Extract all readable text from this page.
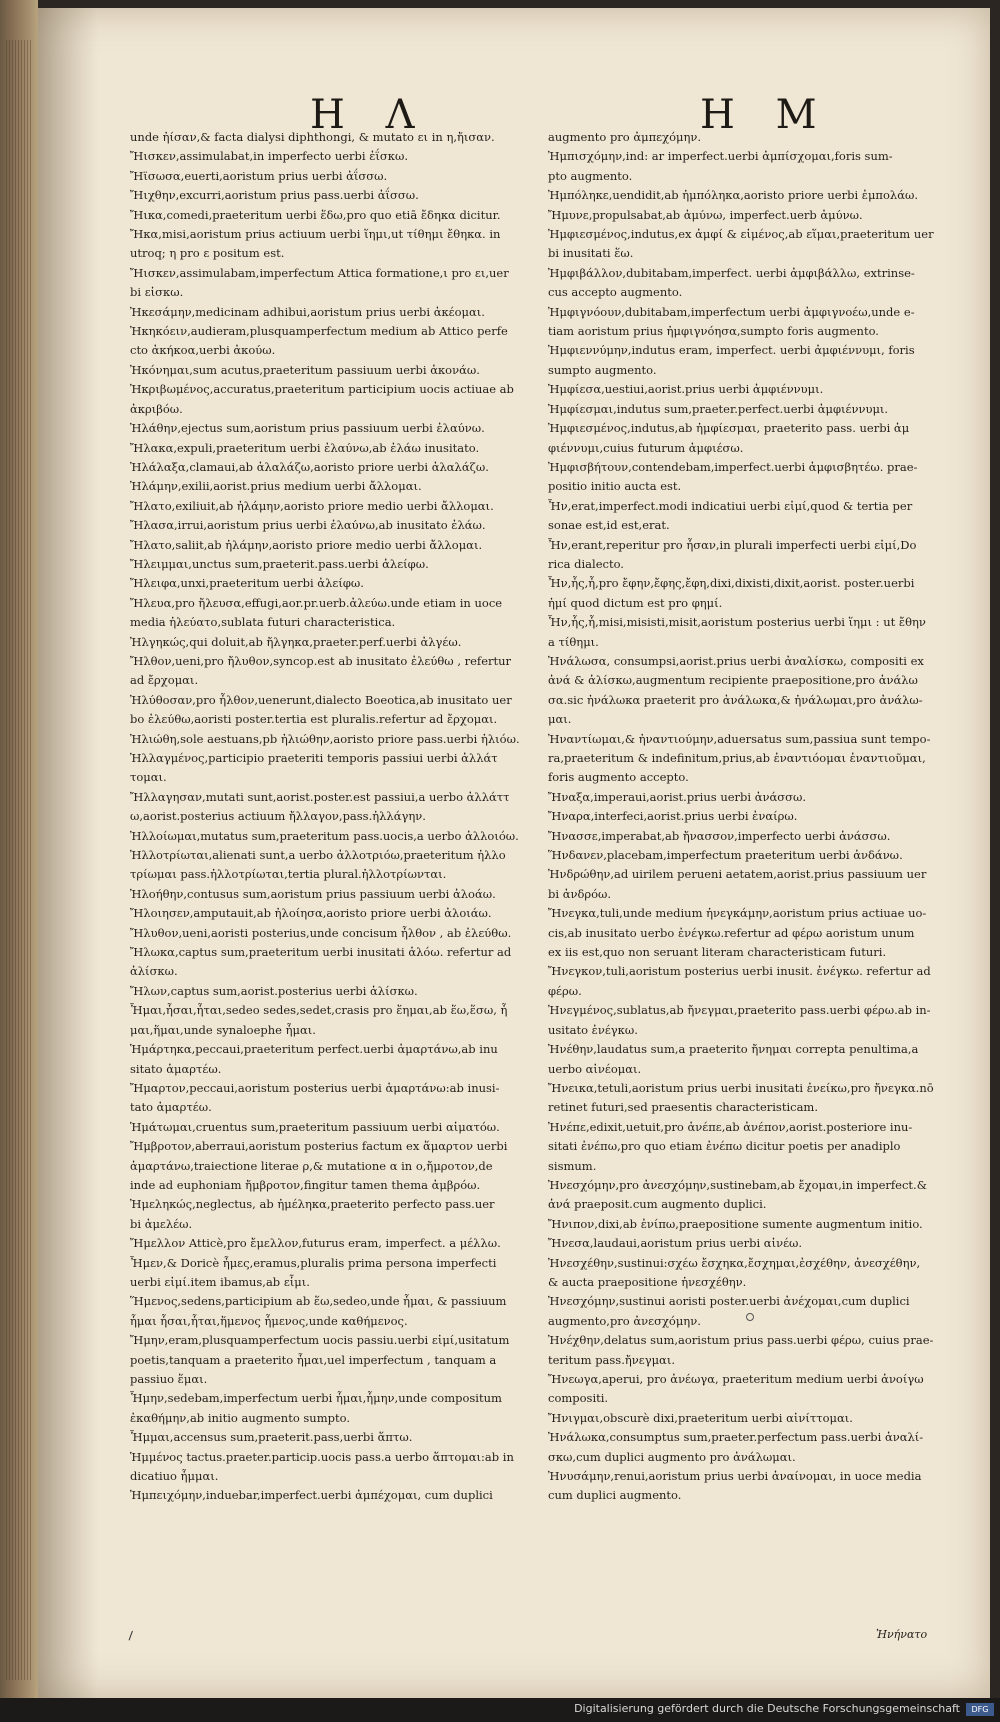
Η Λ	Η Μ
unde ἠίσαν,& facta dialysi diphthongi, & mutato ει in η,ἤισαν.
Ἤισκεν,assimulabat,in imperfecto uerbi ἐΐσκω.
Ἤϊσωσα,euerti,aoristum prius uerbi ἀΐσσω.
Ἤιχθην,excurri,aoristum prius pass.uerbi ἀΐσσω.
Ἤικα,comedi,praeteritum uerbi ἕδω,pro quo etiā ἔδηκα dicitur.
Ἤκα,misi,aoristum prius actiuum uerbi ἵημι,ut τίθημι ἔθηκα. in
utroq; η pro ε positum est.
Ἤισκεν,assimulabam,imperfectum Attica formatione,ι pro ει,uer
bi εἰσκω.
Ἠκεσάμην,medicinam adhibui,aoristum prius uerbi ἀκέομαι.
Ἠκηκόειν,audieram,plusquamperfectum medium ab Attico perfe
cto ἀκήκοα,uerbi ἀκούω.
Ἠκόνημαι,sum acutus,praeteritum passiuum uerbi ἀκονάω.
Ἠκριβωμένος,accuratus,praeteritum participium uocis actiuae ab
ἀκριβόω.
Ἠλάθην,ejectus sum,aoristum prius passiuum uerbi ἐλαύνω.
Ἤλακα,expuli,praeteritum uerbi ἐλαύνω,ab ἐλάω inusitato.
Ἠλάλαξα,clamaui,ab ἀλαλάζω,aoristo priore uerbi ἀλαλάζω.
Ἠλάμην,exilii,aorist.prius medium uerbi ἄλλομαι.
Ἤλατο,exiliuit,ab ἠλάμην,aoristo priore medio uerbi ἄλλομαι.
Ἤλασα,irrui,aoristum prius uerbi ἐλαύνω,ab inusitato ἐλάω.
Ἤλατο,saliit,ab ἠλάμην,aoristo priore medio uerbi ἄλλομαι.
Ἤλειμμαι,unctus sum,praeterit.pass.uerbi ἀλείφω.
Ἤλειφα,unxi,praeteritum uerbi ἀλείφω.
Ἤλευα,pro ἤλευσα,effugi,aor.pr.uerb.ἀλεύω.unde etiam in uoce
media ἠλεύατο,sublata futuri characteristica.
Ἠλγηκώς,qui doluit,ab ἤλγηκα,praeter.perf.uerbi ἀλγέω.
Ἤλθον,ueni,pro ἤλυθον,syncop.est ab inusitato ἐλεύθω , refertur
ad ἔρχομαι.
Ἠλύθοσαν,pro ἦλθον,uenerunt,dialecto Boeotica,ab inusitato uer
bo ἐλεύθω,aoristi poster.tertia est pluralis.refertur ad ἔρχομαι.
Ἠλιώθη,sole aestuans,pb ἠλιώθην,aoristo priore pass.uerbi ἡλιόω.
Ἠλλαγμένος,participio praeteriti temporis passiui uerbi ἀλλάτ
τομαι.
Ἤλλαγησαν,mutati sunt,aorist.poster.est passiui,a uerbo ἀλλάττ
ω,aorist.posterius actiuum ἤλλαγον,pass.ἠλλάγην.
Ἠλλοίωμαι,mutatus sum,praeteritum pass.uocis,a uerbo ἀλλοιόω.
Ἠλλοτρίωται,alienati sunt,a uerbo ἀλλοτριόω,praeteritum ἠλλο
τρίωμαι pass.ἠλλοτρίωται,tertia plural.ἠλλοτρίωνται.
Ἠλοήθην,contusus sum,aoristum prius passiuum uerbi ἀλοάω.
Ἤλοιησεν,amputauit,ab ἠλοίησα,aoristo priore uerbi ἀλοιάω.
Ἤλυθον,ueni,aoristi posterius,unde concisum ἦλθον , ab ἐλεύθω.
Ἤλωκα,captus sum,praeteritum uerbi inusitati ἁλόω. refertur ad
ἁλίσκω.
Ἤλων,captus sum,aorist.posterius uerbi ἁλίσκω.
Ἧμαι,ἧσαι,ἧται,sedeo sedes,sedet,crasis pro ἕημαι,ab ἕω,ἕσω, ἧ
μαι,ἥμαι,unde synaloephe ἧμαι.
Ἡμάρτηκα,peccaui,praeteritum perfect.uerbi ἁμαρτάνω,ab inu
sitato ἁμαρτέω.
Ἤμαρτον,peccaui,aoristum posterius uerbi ἁμαρτάνω:ab inusi-
tato ἁμαρτέω.
Ἡμάτωμαι,cruentus sum,praeteritum passiuum uerbi αἱματόω.
Ἤμβροτον,aberraui,aoristum posterius factum ex ἅμαρτον uerbi
ἁμαρτάνω,traiectione literae ρ,& mutatione α in ο,ἤμροτον,de
inde ad euphoniam ἤμβροτον,fingitur tamen thema ἀμβρόω.
Ἠμεληκώς,neglectus, ab ἠμέληκα,praeterito perfecto pass.uer
bi ἀμελέω.
Ἤμελλον Atticè,pro ἔμελλον,futurus eram, imperfect. a μέλλω.
Ἦμεν,& Doricè ἦμες,eramus,pluralis prima persona imperfecti
uerbi εἰμί.item ibamus,ab εἶμι.
Ἥμενος,sedens,participium ab ἕω,sedeo,unde ἧμαι, & passiuum
ἧμαι ἧσαι,ἧται,ἥμενος ἧμενος,unde καθήμενος.
Ἤμην,eram,plusquamperfectum uocis passiu.uerbi εἰμί,usitatum
poetis,tanquam a praeterito ἧμαι,uel imperfectum , tanquam a
passiuo ἕμαι.
Ἧμην,sedebam,imperfectum uerbi ἧμαι,ἧμην,unde compositum
ἐκαθήμην,ab initio augmento sumpto.
Ἧμμαι,accensus sum,praeterit.pass,uerbi ἅπτω.
Ἡμμένος tactus.praeter.particip.uocis pass.a uerbo ἅπτομαι:ab in
dicatiuo ἧμμαι.
Ἠμπειχόμην,induebar,imperfect.uerbi ἀμπέχομαι, cum duplici
augmento pro ἀμπεχόμην.
Ἠμπισχόμην,ind: ar imperfect.uerbi ἀμπίσχομαι,foris sum-
pto augmento.
Ἠμπόληκε,uendidit,ab ἠμπόληκα,aoristo priore uerbi ἐμπολάω.
Ἤμυνε,propulsabat,ab ἀμύνω, imperfect.uerb ἀμύνω.
Ἠμφιεσμένος,indutus,ex ἀμφί & εἰμένος,ab εἵμαι,praeteritum uer
bi inusitati ἕω.
Ἠμφιβάλλον,dubitabam,imperfect. uerbi ἀμφιβάλλω, extrinse-
cus accepto augmento.
Ἠμφιγνόουν,dubitabam,imperfectum uerbi ἀμφιγνοέω,unde e-
tiam aoristum prius ἠμφιγνόησα,sumpto foris augmento.
Ἠμφιεννύμην,indutus eram, imperfect. uerbi ἀμφιέννυμι, foris
sumpto augmento.
Ἠμφίεσα,uestiui,aorist.prius uerbi ἀμφιέννυμι.
Ἠμφίεσμαι,indutus sum,praeter.perfect.uerbi ἀμφιέννυμι.
Ἠμφιεσμένος,indutus,ab ἠμφίεσμαι, praeterito pass. uerbi ἀμ
φιέννυμι,cuius futurum ἀμφιέσω.
Ἠμφισβήτουν,contendebam,imperfect.uerbi ἀμφισβητέω. prae-
positio initio aucta est.
Ἦν,erat,imperfect.modi indicatiui uerbi εἰμί,quod & tertia per
sonae est,id est,erat.
Ἦν,erant,reperitur pro ἦσαν,in plurali imperfecti uerbi εἰμί,Do
rica dialecto.
Ἦν,ἦς,ἦ,pro ἔφην,ἔφης,ἔφη,dixi,dixisti,dixit,aorist. poster.uerbi
ἠμί quod dictum est pro φημί.
Ἧν,ἧς,ἧ,misi,misisti,misit,aoristum posterius uerbi ἵημι : ut ἔθην
a τίθημι.
Ἠνάλωσα, consumpsi,aorist.prius uerbi ἀναλίσκω, compositi ex
ἀνά & ἁλίσκω,augmentum recipiente praepositione,pro ἀνάλω
σα.sic ἠνάλωκα praeterit pro ἀνάλωκα,& ἠνάλωμαι,pro ἀνάλω-
μαι.
Ἠναντίωμαι,& ἠναντιούμην,aduersatus sum,passiua sunt tempo-
ra,praeteritum & indefinitum,prius,ab ἐναντιόομαι ἐναντιοῦμαι,
foris augmento accepto.
Ἤναξα,imperaui,aorist.prius uerbi ἀνάσσω.
Ἤναρα,interfeci,aorist.prius uerbi ἐναίρω.
Ἤνασσε,imperabat,ab ἤνασσον,imperfecto uerbi ἀνάσσω.
Ἥνδανεν,placebam,imperfectum praeteritum uerbi ἁνδάνω.
Ἠνδρώθην,ad uirilem perueni aetatem,aorist.prius passiuum uer
bi ἀνδρόω.
Ἤνεγκα,tuli,unde medium ἠνεγκάμην,aoristum prius actiuae uo-
cis,ab inusitato uerbo ἐνέγκω.refertur ad φέρω aoristum unum
ex iis est,quo non seruant literam characteristicam futuri.
Ἤνεγκον,tuli,aoristum posterius uerbi inusit. ἐνέγκω. refertur ad
φέρω.
Ἠνεγμένος,sublatus,ab ἤνεγμαι,praeterito pass.uerbi φέρω.ab in-
usitato ἐνέγκω.
Ἠνέθην,laudatus sum,a praeterito ἤνημαι correpta penultima,a
uerbo αἰνέομαι.
Ἤνεικα,tetuli,aoristum prius uerbi inusitati ἐνείκω,pro ἤνεγκα.nō
retinet futuri,sed praesentis characteristicam.
Ἠνέπε,edixit,uetuit,pro ἀνέπε,ab ἀνέπον,aorist.posteriore inu-
sitati ἐνέπω,pro quo etiam ἐνέπω dicitur poetis per anadiplo
sismum.
Ἠνεσχόμην,pro ἀνεσχόμην,sustinebam,ab ἔχομαι,in imperfect.&
ἀνά praeposit.cum augmento duplici.
Ἤνιπον,dixi,ab ἐνίπω,praepositione sumente augmentum initio.
Ἤνεσα,laudaui,aoristum prius uerbi αἰνέω.
Ἠνεσχέθην,sustinui:σχέω ἔσχηκα,ἔσχημαι,ἐσχέθην, ἀνεσχέθην,
& aucta praepositione ἠνεσχέθην.
Ἠνεσχόμην,sustinui aoristi poster.uerbi ἀνέχομαι,cum duplici
augmento,pro ἀνεσχόμην.
Ἠνέχθην,delatus sum,aoristum prius pass.uerbi φέρω, cuius prae-
teritum pass.ἤνεγμαι.
Ἤνεωγα,aperui, pro ἀνέωγα, praeteritum medium uerbi ἀνοίγω
compositi.
Ἤνιγμαι,obscurè dixi,praeteritum uerbi αἰνίττομαι.
Ἠνάλωκα,consumptus sum,praeter.perfectum pass.uerbi ἀναλί-
σκω,cum duplici augmento pro ἀνάλωμαι.
Ἠνυσάμην,renui,aoristum prius uerbi ἀναίνομαι, in uoce media
cum duplici augmento.
Ἠνήνατο
Digitalisierung gefördert durch die Deutsche Forschungsgemeinschaft	DFG
